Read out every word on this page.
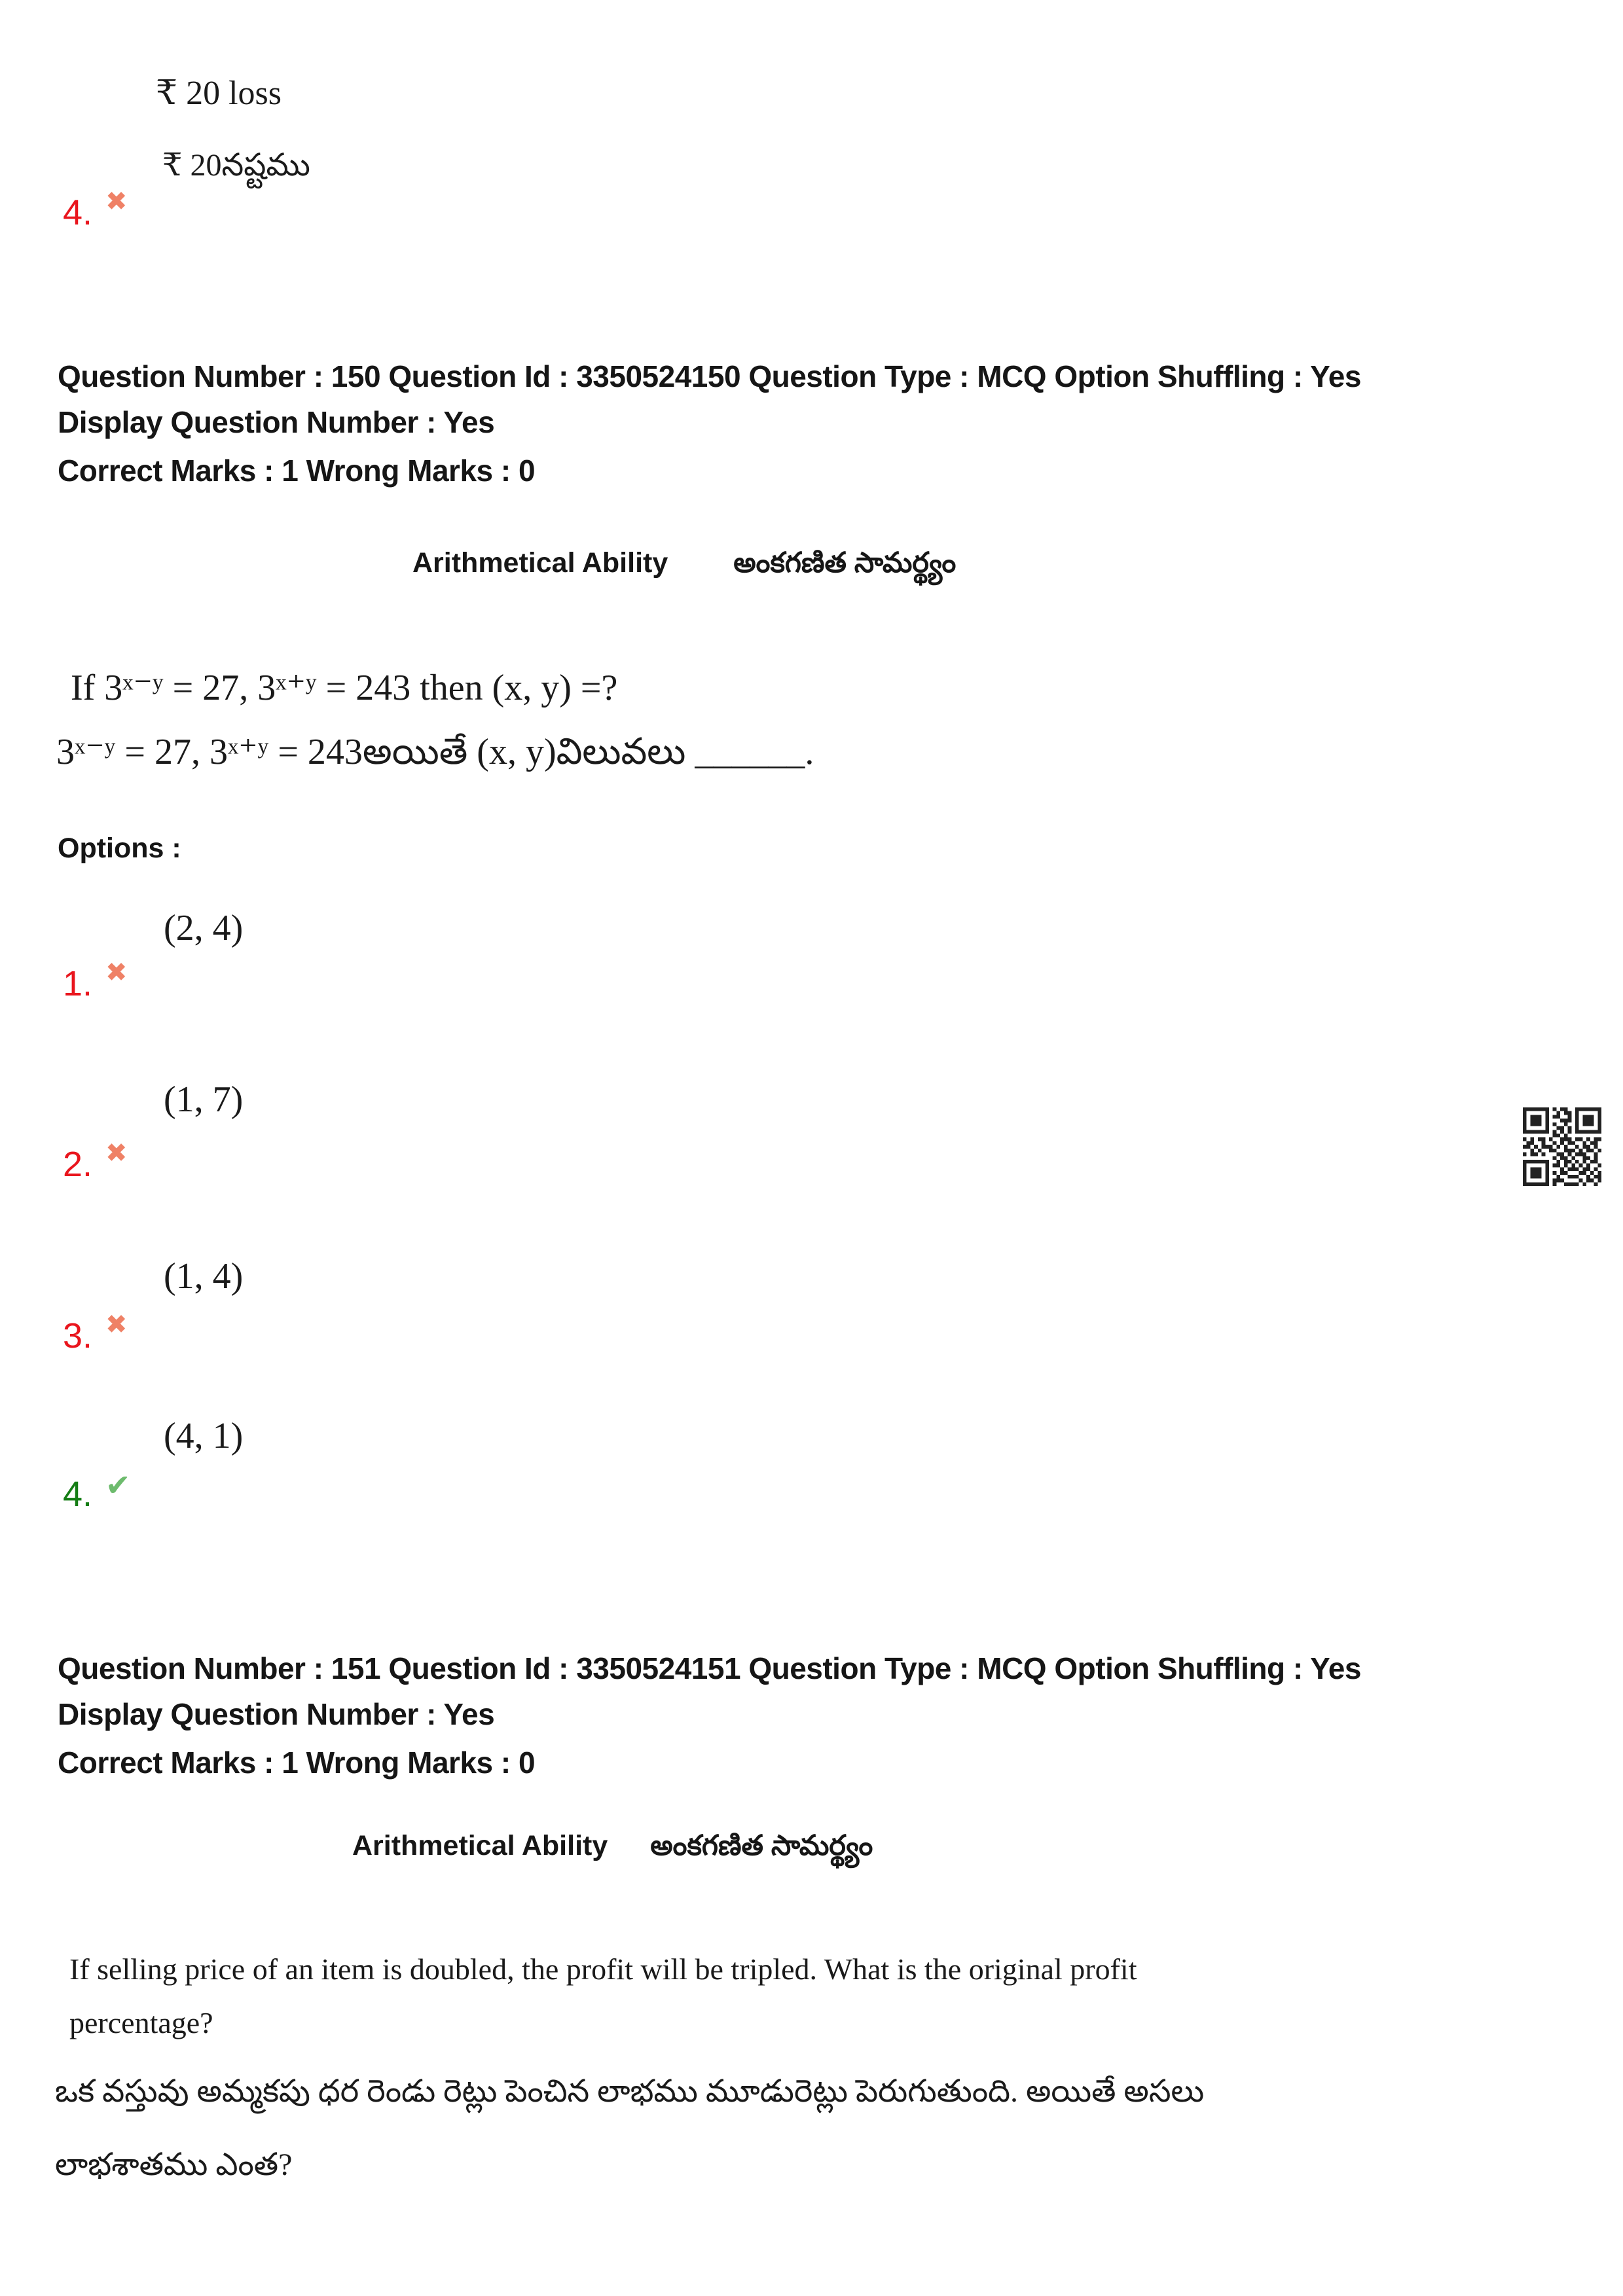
₹ 20 loss
₹ 20నష్టము
4. ✖
Question Number : 150 Question Id : 3350524150 Question Type : MCQ Option Shuffling : Yes
Display Question Number : Yes
Correct Marks : 1 Wrong Marks : 0
Arithmetical Ability అంకగణిత సామర్థ్యం
If 3ˣ⁻ʸ = 27, 3ˣ⁺ʸ = 243 then (x, y) =?
3ˣ⁻ʸ = 27, 3ˣ⁺ʸ = 243అయితే (x, y)విలువలు ______.
Options :
(2, 4)
1. ✖
(1, 7)
2. ✖
(1, 4)
3. ✖
(4, 1)
4. ✔
Question Number : 151 Question Id : 3350524151 Question Type : MCQ Option Shuffling : Yes
Display Question Number : Yes
Correct Marks : 1 Wrong Marks : 0
Arithmetical Ability అంకగణిత సామర్థ్యం
If selling price of an item is doubled, the profit will be tripled. What is the original profit
percentage?
ఒక వస్తువు అమ్మకపు ధర రెండు రెట్లు పెంచిన లాభము మూడురెట్లు పెరుగుతుంది. అయితే అసలు
లాభశాతము ఎంత?
